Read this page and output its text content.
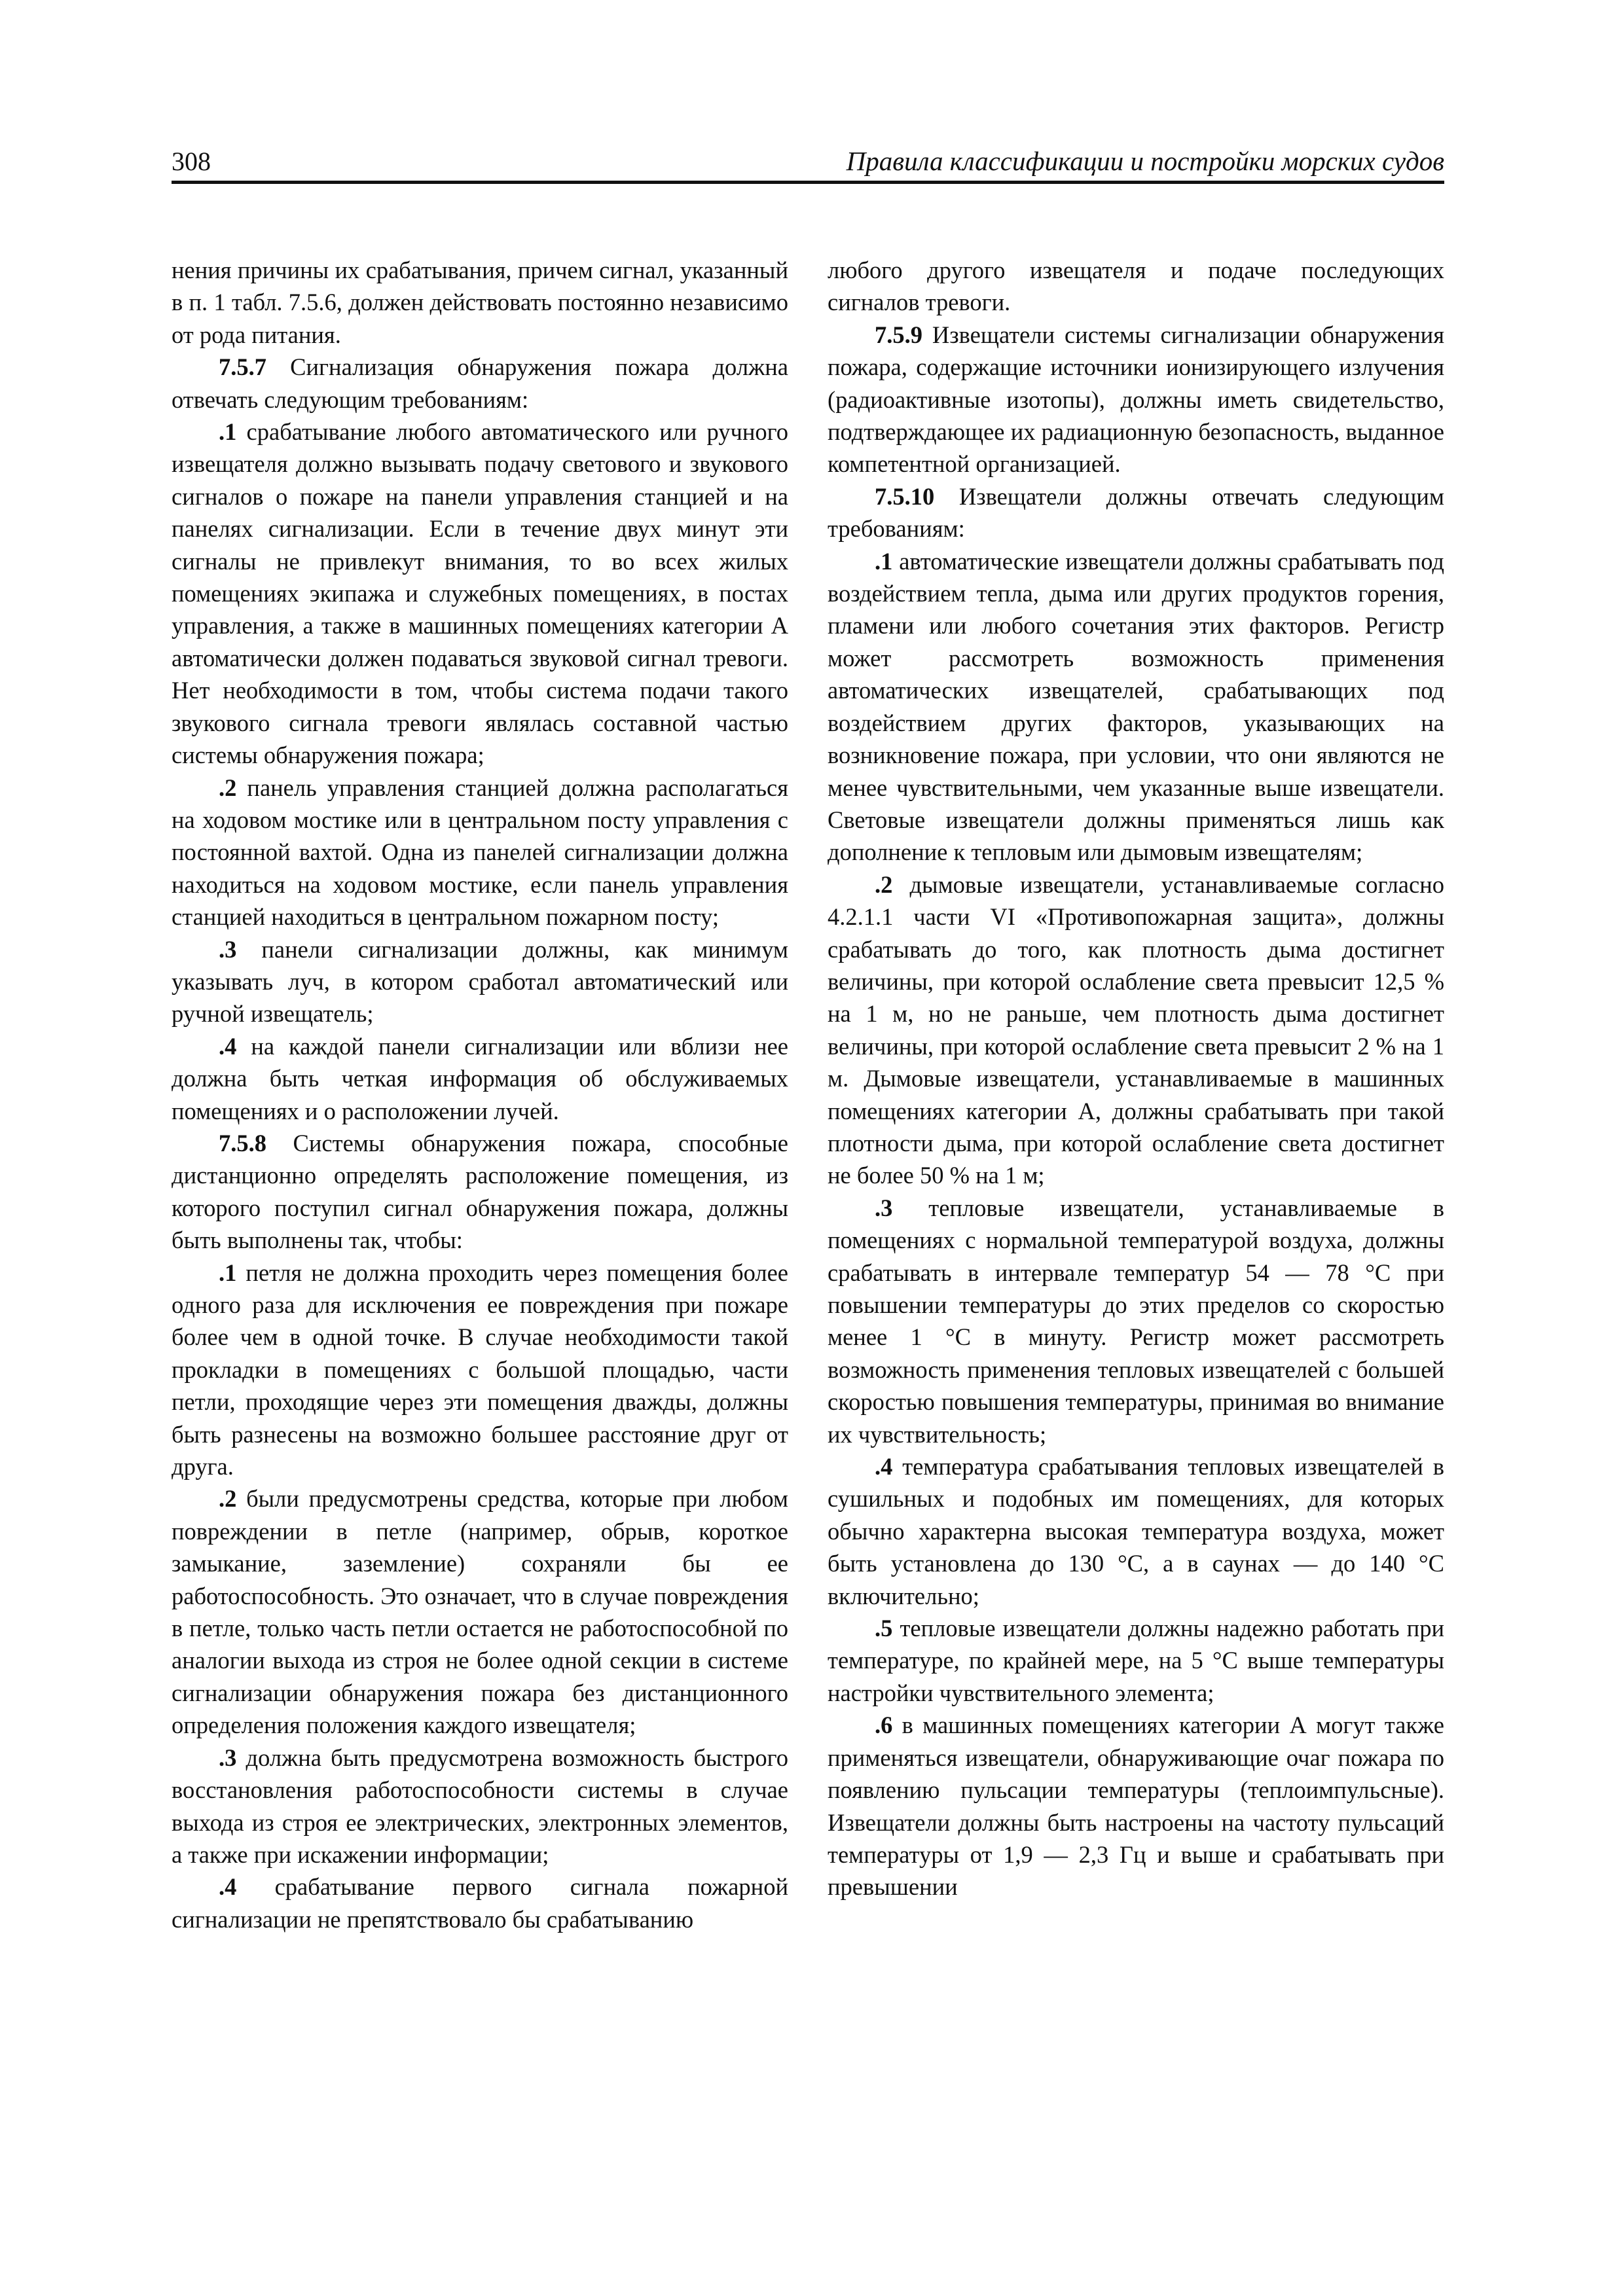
308	Правила классификации и постройки морских судов

нения причины их срабатывания, причем сигнал, указанный в п. 1 табл. 7.5.6, должен действовать постоянно независимо от рода питания.

7.5.7 Сигнализация обнаружения пожара должна отвечать следующим требованиям:

.1 срабатывание любого автоматического или ручного извещателя должно вызывать подачу светового и звукового сигналов о пожаре на панели управления станцией и на панелях сигнализации. Если в течение двух минут эти сигналы не привлекут внимания, то во всех жилых помещениях экипажа и служебных помещениях, в постах управления, а также в машинных помещениях категории А автоматически должен подаваться звуковой сигнал тревоги. Нет необходимости в том, чтобы система подачи такого звукового сигнала тревоги являлась составной частью системы обнаружения пожара;

.2 панель управления станцией должна располагаться на ходовом мостике или в центральном посту управления с постоянной вахтой. Одна из панелей сигнализации должна находиться на ходовом мостике, если панель управления станцией находиться в центральном пожарном посту;

.3 панели сигнализации должны, как минимум указывать луч, в котором сработал автоматический или ручной извещатель;

.4 на каждой панели сигнализации или вблизи нее должна быть четкая информация об обслуживаемых помещениях и о расположении лучей.

7.5.8 Системы обнаружения пожара, способные дистанционно определять расположение помещения, из которого поступил сигнал обнаружения пожара, должны быть выполнены так, чтобы:

.1 петля не должна проходить через помещения более одного раза для исключения ее повреждения при пожаре более чем в одной точке. В случае необходимости такой прокладки в помещениях с большой площадью, части петли, проходящие через эти помещения дважды, должны быть разнесены на возможно большее расстояние друг от друга.

.2 были предусмотрены средства, которые при любом повреждении в петле (например, обрыв, короткое замыкание, заземление) сохраняли бы ее работоспособность. Это означает, что в случае повреждения в петле, только часть петли остается не работоспособной по аналогии выхода из строя не более одной секции в системе сигнализации обнаружения пожара без дистанционного определения положения каждого извещателя;

.3 должна быть предусмотрена возможность быстрого восстановления работоспособности системы в случае выхода из строя ее электрических, электронных элементов, а также при искажении информации;

.4 срабатывание первого сигнала пожарной сигнализации не препятствовало бы срабатыванию

любого другого извещателя и подаче последующих сигналов тревоги.

7.5.9 Извещатели системы сигнализации обнаружения пожара, содержащие источники ионизирующего излучения (радиоактивные изотопы), должны иметь свидетельство, подтверждающее их радиационную безопасность, выданное компетентной организацией.

7.5.10 Извещатели должны отвечать следующим требованиям:

.1 автоматические извещатели должны срабатывать под воздействием тепла, дыма или других продуктов горения, пламени или любого сочетания этих факторов. Регистр может рассмотреть возможность применения автоматических извещателей, срабатывающих под воздействием других факторов, указывающих на возникновение пожара, при условии, что они являются не менее чувствительными, чем указанные выше извещатели. Световые извещатели должны применяться лишь как дополнение к тепловым или дымовым извещателям;

.2 дымовые извещатели, устанавливаемые согласно 4.2.1.1 части VI «Противопожарная защита», должны срабатывать до того, как плотность дыма достигнет величины, при которой ослабление света превысит 12,5 % на 1 м, но не раньше, чем плотность дыма достигнет величины, при которой ослабление света превысит 2 % на 1 м. Дымовые извещатели, устанавливаемые в машинных помещениях категории А, должны срабатывать при такой плотности дыма, при которой ослабление света достигнет не более 50 % на 1 м;

.3 тепловые извещатели, устанавливаемые в помещениях с нормальной температурой воздуха, должны срабатывать в интервале температур 54 — 78 °С при повышении температуры до этих пределов со скоростью менее 1 °С в минуту. Регистр может рассмотреть возможность применения тепловых извещателей с большей скоростью повышения температуры, принимая во внимание их чувствительность;

.4 температура срабатывания тепловых извещателей в сушильных и подобных им помещениях, для которых обычно характерна высокая температура воздуха, может быть установлена до 130 °С, а в саунах — до 140 °С включительно;

.5 тепловые извещатели должны надежно работать при температуре, по крайней мере, на 5 °С выше температуры настройки чувствительного элемента;

.6 в машинных помещениях категории А могут также применяться извещатели, обнаруживающие очаг пожара по появлению пульсации температуры (теплоимпульсные). Извещатели должны быть настроены на частоту пульсаций температуры от 1,9 — 2,3 Гц и выше и срабатывать при превышении
